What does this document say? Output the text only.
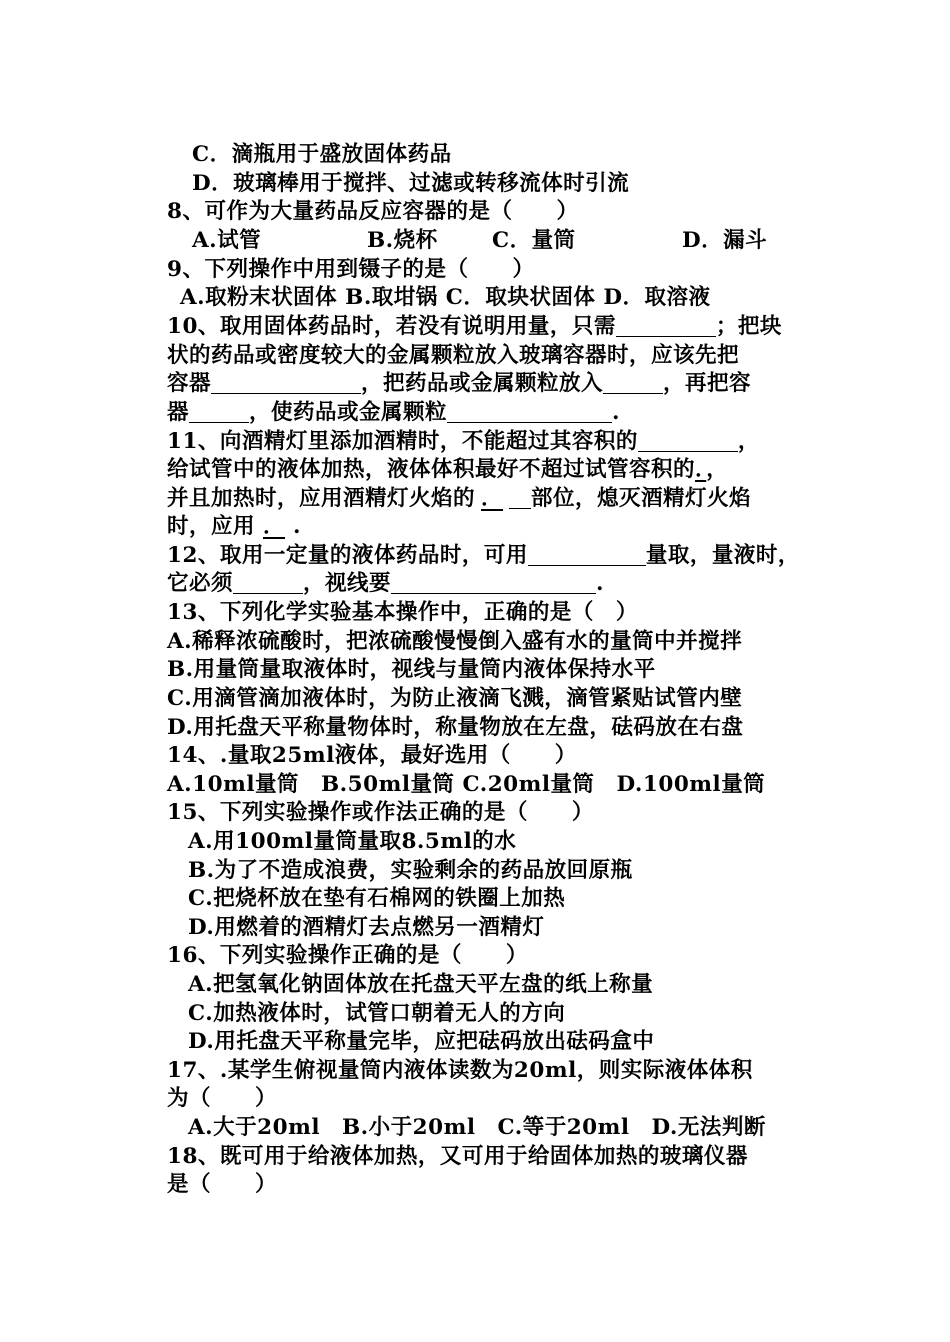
C．滴瓶用于盛放固体药品
D．玻璃棒用于搅拌、过滤或转移流体时引流
8、可作为大量药品反应容器的是（　　）
A.试管	B.烧杯	C．量筒	D．漏斗
9、下列操作中用到镊子的是（　　）
A.取粉末状固体 B.取坩锅 C．取块状固体 D．取溶液
10、取用固体药品时，若没有说明用量，只需	；把块
状的药品或密度较大的金属颗粒放入玻璃容器时，应该先把
容器	，把药品或金属颗粒放入	，再把容
器	，使药品或金属颗粒	.
11、向酒精灯里添加酒精时，不能超过其容积的	，
给试管中的液体加热，液体体积最好不超过试管容积的．，
并且加热时，应用酒精灯火焰的 ． 部位，熄灭酒精灯火焰
时，应用 ． .
12、取用一定量的液体药品时，可用	量取，量液时，
它必须	，视线要	.
13、下列化学实验基本操作中，正确的是（　）
A.稀释浓硫酸时，把浓硫酸慢慢倒入盛有水的量筒中并搅拌
B.用量筒量取液体时，视线与量筒内液体保持水平
C.用滴管滴加液体时，为防止液滴飞溅，滴管紧贴试管内壁
D.用托盘天平称量物体时，称量物放在左盘，砝码放在右盘
14、.量取25ml液体，最好选用（　　）
A.10ml量筒　B.50ml量筒 C.20ml量筒　D.100ml量筒
15、下列实验操作或作法正确的是（　　）
A.用100ml量筒量取8.5ml的水
B.为了不造成浪费，实验剩余的药品放回原瓶
C.把烧杯放在垫有石棉网的铁圈上加热
D.用燃着的酒精灯去点燃另一酒精灯
16、下列实验操作正确的是（　　）
A.把氢氧化钠固体放在托盘天平左盘的纸上称量
C.加热液体时，试管口朝着无人的方向
D.用托盘天平称量完毕，应把砝码放出砝码盒中
17、.某学生俯视量筒内液体读数为20ml，则实际液体体积
为（　　）
A.大于20ml　B.小于20ml　C.等于20ml　D.无法判断
18、既可用于给液体加热，又可用于给固体加热的玻璃仪器
是（　　）
